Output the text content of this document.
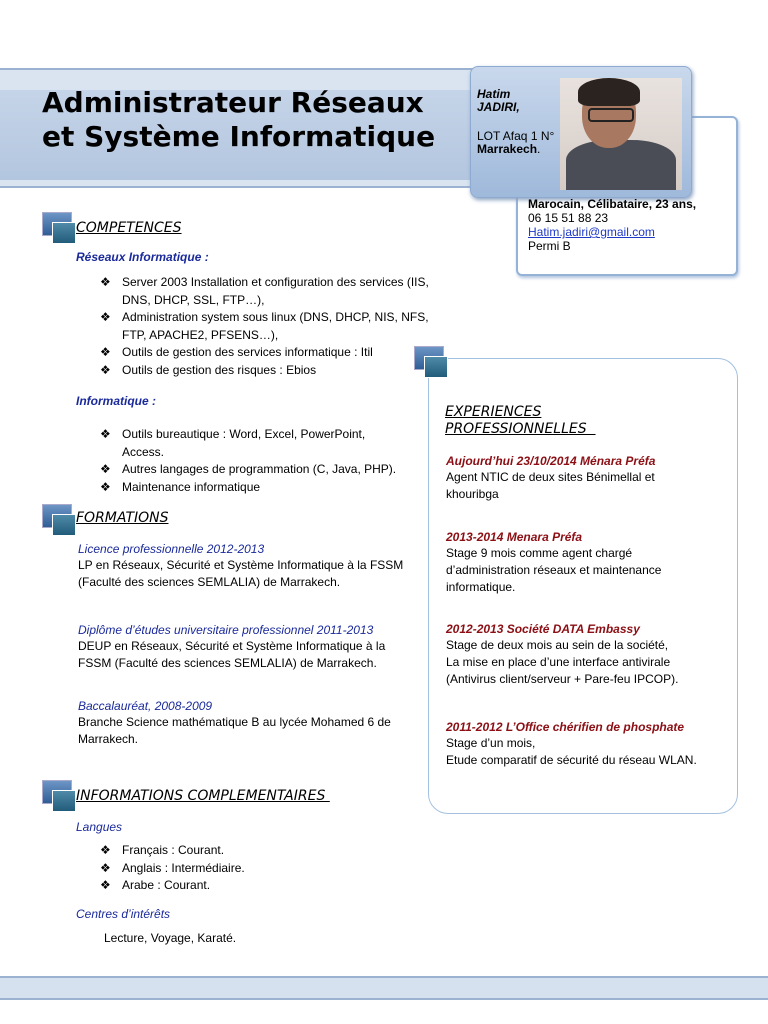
Administrateur Réseaux et Système Informatique
Hatim
JADIRI,
LOT Afaq 1 N°
Marrakech.
Marocain, Célibataire, 23 ans,
06 15 51 88 23
Hatim.jadiri@gmail.com
Permi B
COMPETENCES
Réseaux Informatique :
❖ Server 2003 Installation et configuration des services (IIS, DNS, DHCP, SSL, FTP…),
❖ Administration system sous linux (DNS, DHCP, NIS, NFS, FTP, APACHE2, PFSENS…),
❖ Outils de gestion des services informatique : Itil
❖ Outils de gestion des risques : Ebios
Informatique :
❖ Outils bureautique : Word, Excel, PowerPoint, Access.
❖ Autres langages de programmation (C, Java, PHP).
❖ Maintenance informatique
FORMATIONS
Licence professionnelle 2012-2013
LP en Réseaux, Sécurité et Système Informatique à la FSSM (Faculté des sciences SEMLALIA) de Marrakech.
Diplôme d’études universitaire professionnel 2011-2013
DEUP en Réseaux, Sécurité et Système Informatique à la FSSM (Faculté des sciences SEMLALIA) de Marrakech.
Baccalauréat, 2008-2009
Branche Science mathématique B au lycée Mohamed 6 de Marrakech.
INFORMATIONS COMPLEMENTAIRES
Langues
❖ Français : Courant.
❖ Anglais : Intermédiaire.
❖ Arabe : Courant.
Centres d’intérêts
Lecture, Voyage, Karaté.
EXPERIENCES
PROFESSIONNELLES
Aujourd’hui 23/10/2014 Ménara Préfa
Agent NTIC de deux sites Bénimellal et
khouribga
2013-2014 Menara Préfa
Stage 9 mois comme agent chargé
d’administration réseaux et maintenance
informatique.
2012-2013 Société DATA Embassy
Stage de deux mois au sein de la société,
La mise en place d’une interface antivirale
(Antivirus client/serveur + Pare-feu IPCOP).
2011-2012 L’Office chérifien de phosphate
Stage d’un mois,
Etude comparatif de sécurité du réseau WLAN.
